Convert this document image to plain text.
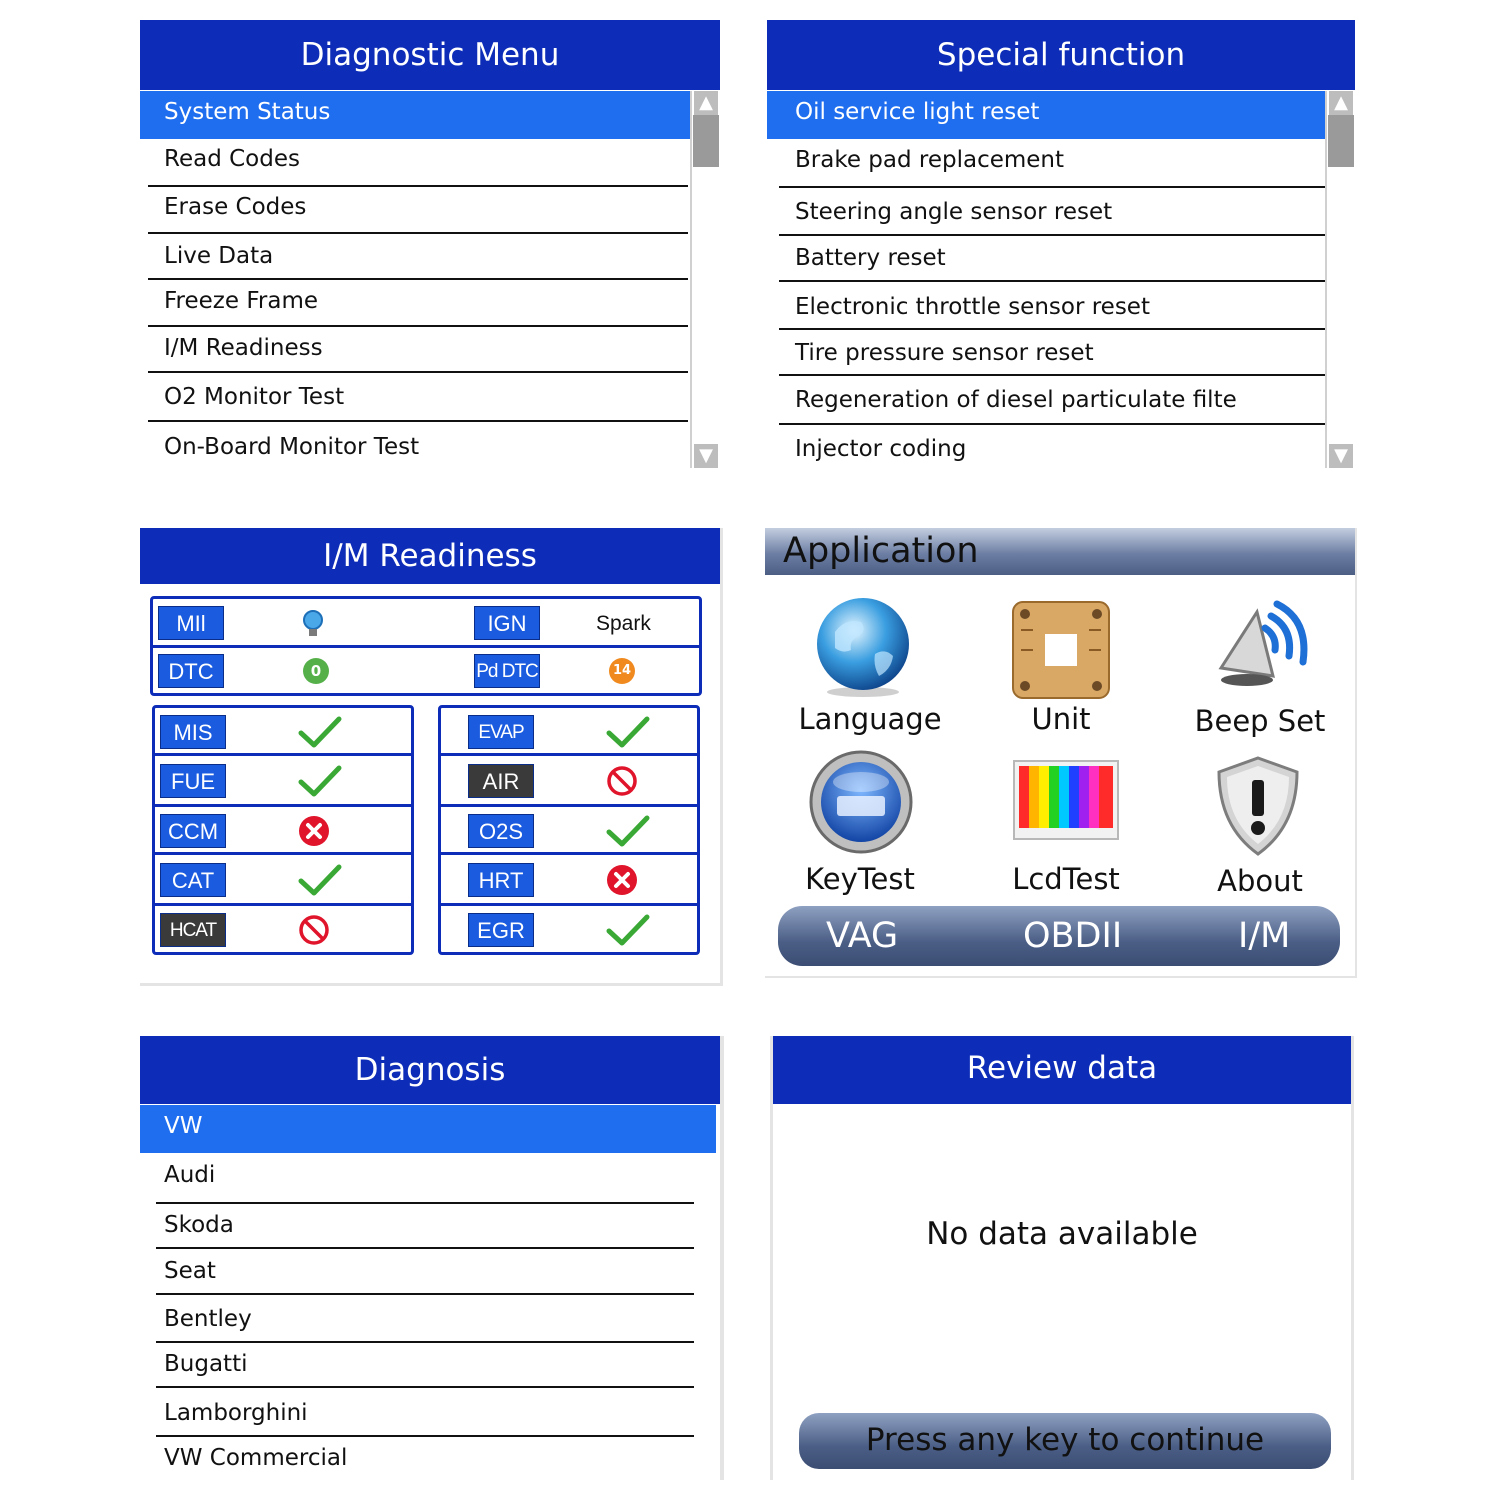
Diagnostic Menu
System Status
Read Codes
Erase Codes
Live Data
Freeze Frame
I/M Readiness
O2 Monitor Test
On-Board Monitor Test
▲
▼
Special function
Oil service light reset
Brake pad replacement
Steering angle sensor reset
Battery reset
Electronic throttle sensor reset
Tire pressure sensor reset
Regeneration of diesel particulate filte
Injector coding
▲
▼
I/M Readiness
MIl	IGN	Spark
DTC	0	Pd DTC	14
MIS
FUE
CCM
CAT
HCAT
EVAP
AIR
O2S
HRT
EGR
Application
Language	Unit	Beep Set
KeyTest	LcdTest	About
VAG	OBDII	I/M
Diagnosis
VW
Audi
Skoda
Seat
Bentley
Bugatti
Lamborghini
VW Commercial
Review data
No data available
Press any key to continue
